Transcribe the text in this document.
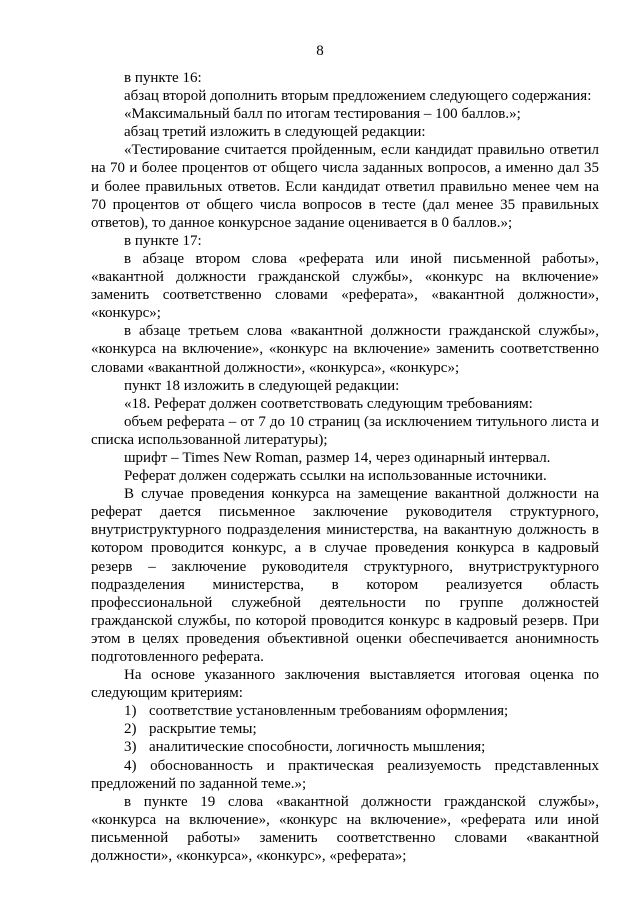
8

в пункте 16:

абзац второй дополнить вторым предложением следующего содержания:

«Максимальный балл по итогам тестирования – 100 баллов.»;

абзац третий изложить в следующей редакции:

«Тестирование считается пройденным, если кандидат правильно ответил на 70 и более процентов от общего числа заданных вопросов, а именно дал 35 и более правильных ответов. Если кандидат ответил правильно менее чем на 70 процентов от общего числа вопросов в тесте (дал менее 35 правильных ответов), то данное конкурсное задание оценивается в 0 баллов.»;

в пункте 17:

в абзаце втором слова «реферата или иной письменной работы», «вакантной должности гражданской службы», «конкурс на включение» заменить соответственно словами «реферата», «вакантной должности», «конкурс»;

в абзаце третьем слова «вакантной должности гражданской службы», «конкурса на включение», «конкурс на включение» заменить соответственно словами «вакантной должности», «конкурса», «конкурс»;

пункт 18 изложить в следующей редакции:

«18. Реферат должен соответствовать следующим требованиям:

объем реферата – от 7 до 10 страниц (за исключением титульного листа и списка использованной литературы);

шрифт – Times New Roman, размер 14, через одинарный интервал.

Реферат должен содержать ссылки на использованные источники.

В случае проведения конкурса на замещение вакантной должности на реферат дается письменное заключение руководителя структурного, внутриструктурного подразделения министерства, на вакантную должность в котором проводится конкурс, а в случае проведения конкурса в кадровый резерв – заключение руководителя структурного, внутриструктурного подразделения министерства, в котором реализуется область профессиональной служебной деятельности по группе должностей гражданской службы, по которой проводится конкурс в кадровый резерв. При этом в целях проведения объективной оценки обеспечивается анонимность подготовленного реферата.

На основе указанного заключения выставляется итоговая оценка по следующим критериям:

1) соответствие установленным требованиям оформления;

2) раскрытие темы;

3) аналитические способности, логичность мышления;

4) обоснованность и практическая реализуемость представленных предложений по заданной теме.»;

в пункте 19 слова «вакантной должности гражданской службы», «конкурса на включение», «конкурс на включение», «реферата или иной письменной работы» заменить соответственно словами «вакантной должности», «конкурса», «конкурс», «реферата»;
